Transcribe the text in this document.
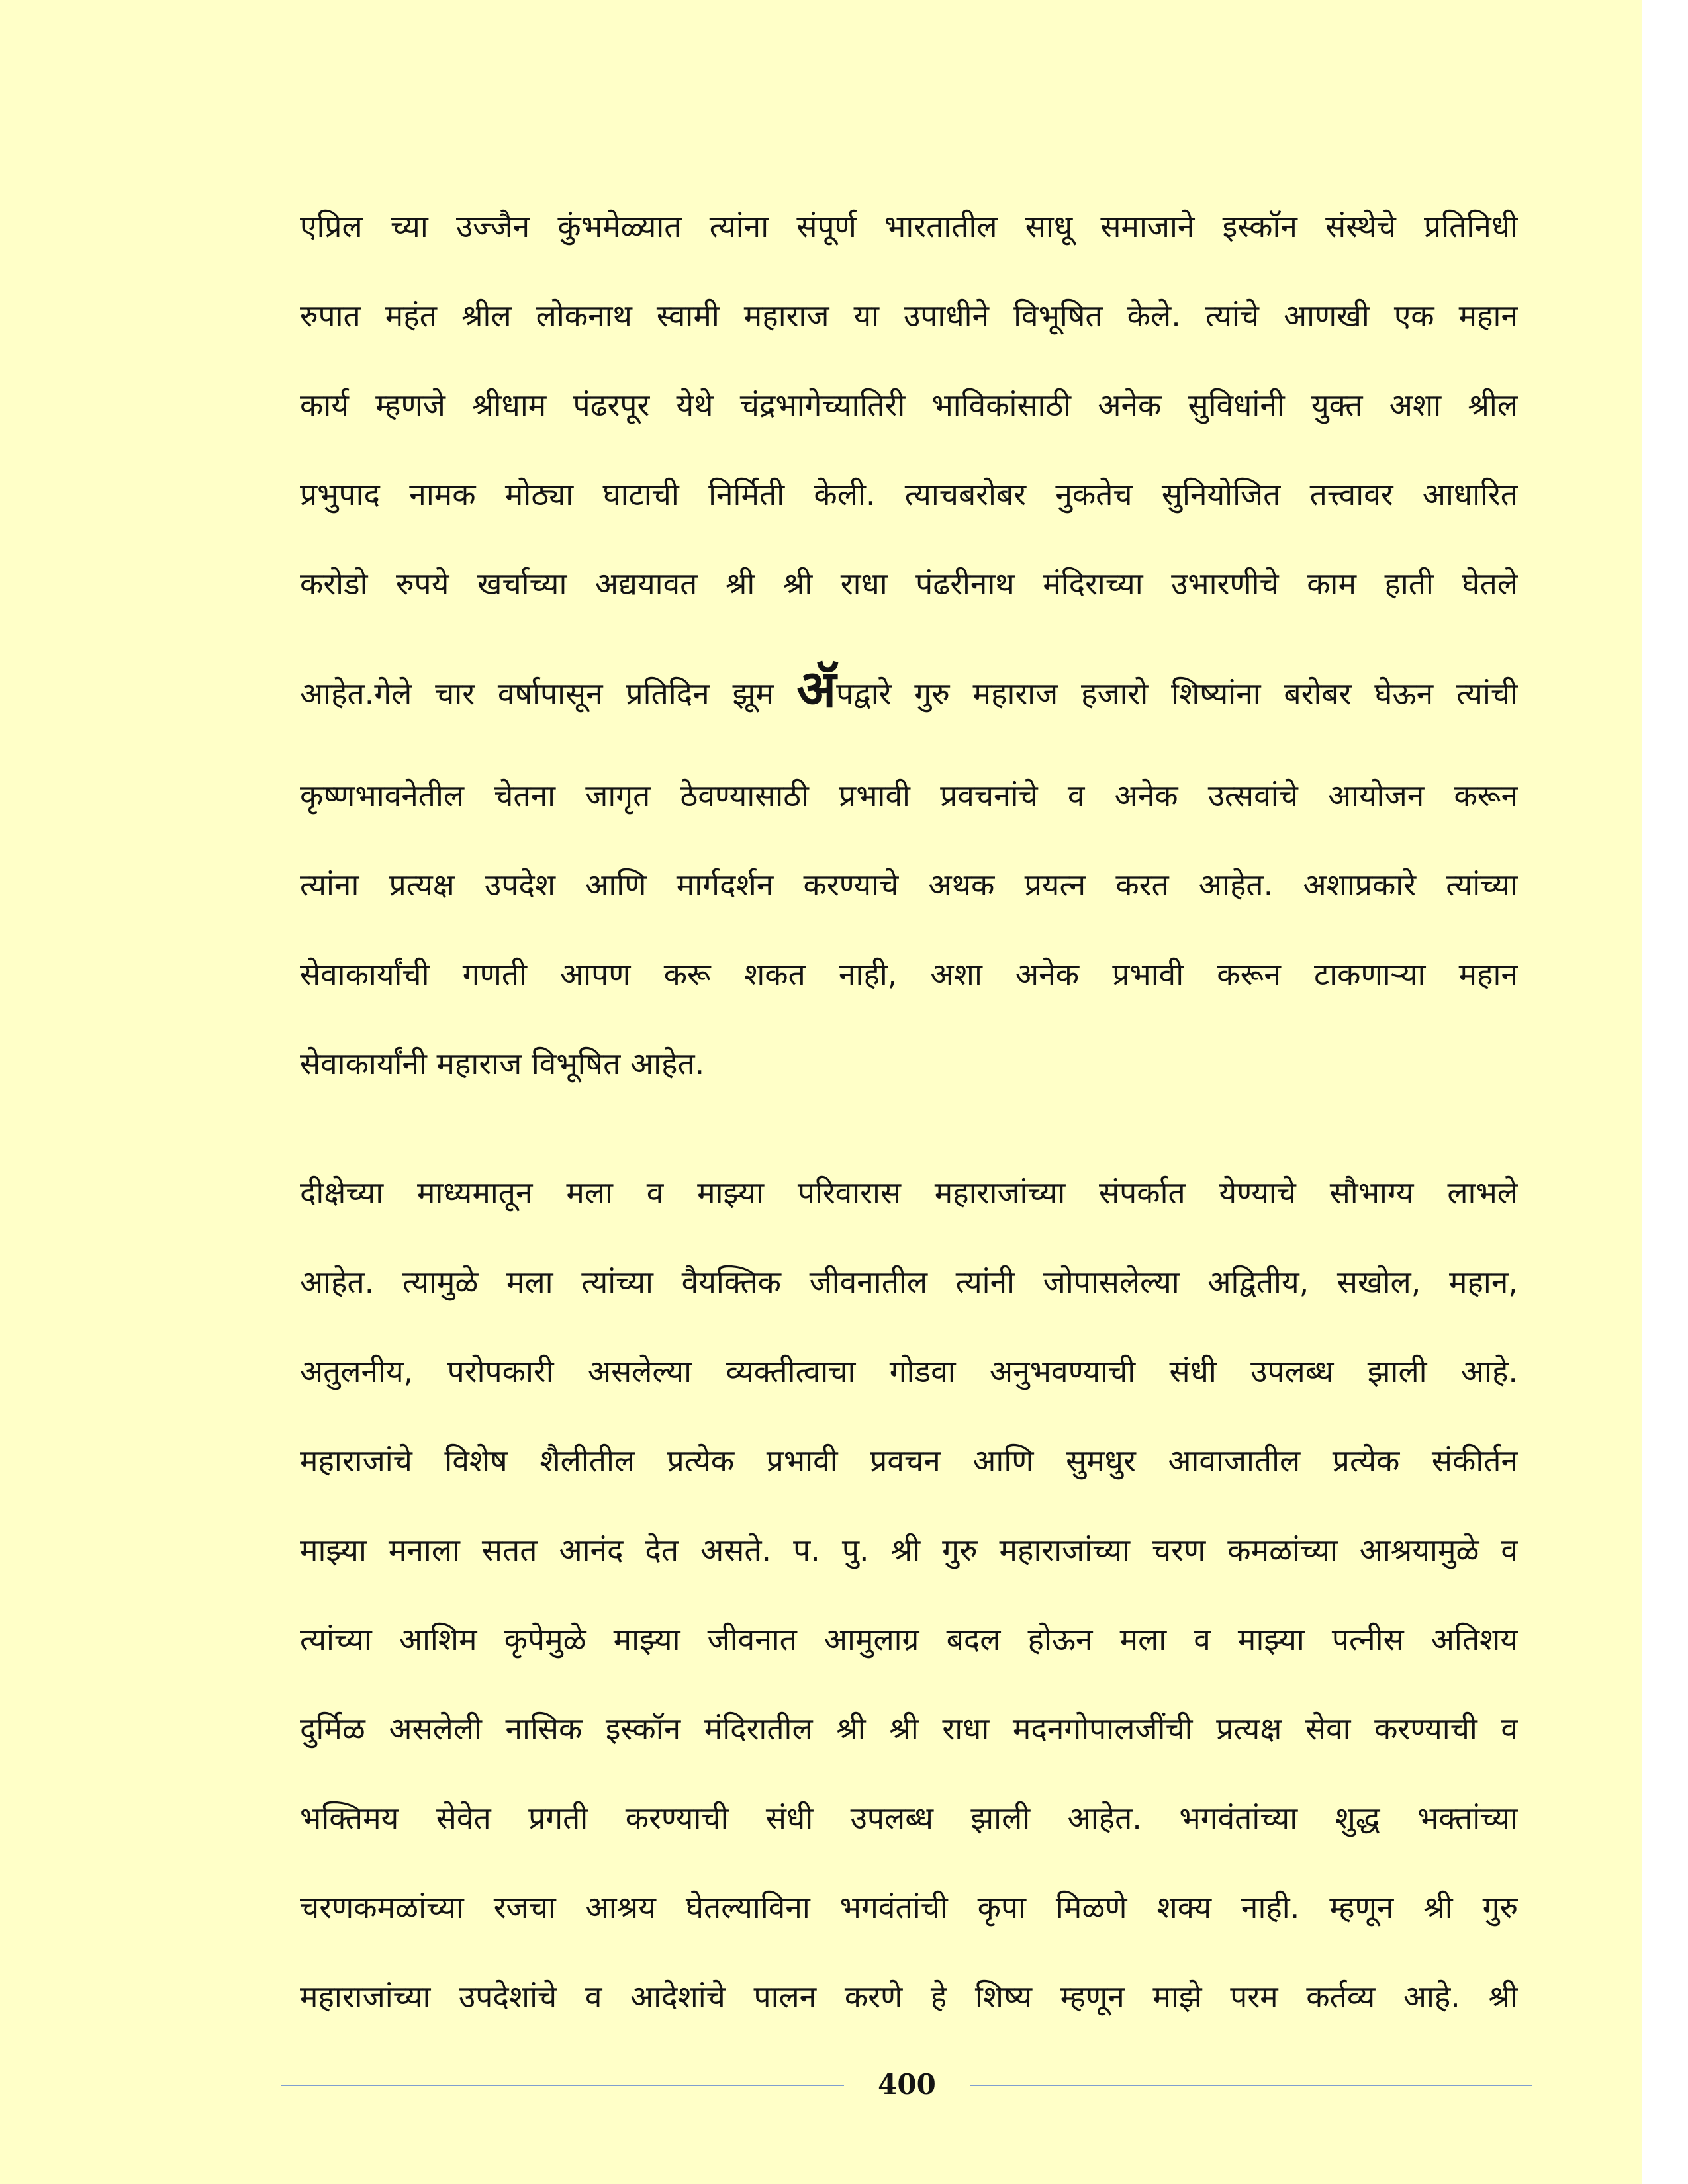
एप्रिल च्या उज्जैन कुंभमेळ्यात त्यांना संपूर्ण भारतातील साधू समाजाने इस्कॉन संस्थेचे प्रतिनिधी
रुपात महंत श्रील लोकनाथ स्वामी महाराज या उपाधीने विभूषित केले. त्यांचे आणखी एक महान
कार्य म्हणजे श्रीधाम पंढरपूर येथे चंद्रभागेच्यातिरी भाविकांसाठी अनेक सुविधांनी युक्त अशा श्रील
प्रभुपाद नामक मोठ्या घाटाची निर्मिती केली. त्याचबरोबर नुकतेच सुनियोजित तत्त्वावर आधारित
करोडो रुपये खर्चाच्या अद्ययावत श्री श्री राधा पंढरीनाथ मंदिराच्या उभारणीचे काम हाती घेतले
आहेत.गेले चार वर्षापासून प्रतिदिन झूम ॲपद्वारे गुरु महाराज हजारो शिष्यांना बरोबर घेऊन त्यांची
कृष्णभावनेतील चेतना जागृत ठेवण्यासाठी प्रभावी प्रवचनांचे व अनेक उत्सवांचे आयोजन करून
त्यांना प्रत्यक्ष उपदेश आणि मार्गदर्शन करण्याचे अथक प्रयत्न करत आहेत. अशाप्रकारे त्यांच्या
सेवाकार्यांची गणती आपण करू शकत नाही, अशा अनेक प्रभावी करून टाकणाऱ्या महान
सेवाकार्यांनी महाराज विभूषित आहेत.
दीक्षेच्या माध्यमातून मला व माझ्या परिवारास महाराजांच्या संपर्कात येण्याचे सौभाग्य लाभले
आहेत. त्यामुळे मला त्यांच्या वैयक्तिक जीवनातील त्यांनी जोपासलेल्या अद्वितीय, सखोल, महान,
अतुलनीय, परोपकारी असलेल्या व्यक्तीत्वाचा गोडवा अनुभवण्याची संधी उपलब्ध झाली आहे.
महाराजांचे विशेष शैलीतील प्रत्येक प्रभावी प्रवचन आणि सुमधुर आवाजातील प्रत्येक संकीर्तन
माझ्या मनाला सतत आनंद देत असते. प. पु. श्री गुरु महाराजांच्या चरण कमळांच्या आश्रयामुळे व
त्यांच्या आशिम कृपेमुळे माझ्या जीवनात आमुलाग्र बदल होऊन मला व माझ्या पत्नीस अतिशय
दुर्मिळ असलेली नासिक इस्कॉन मंदिरातील श्री श्री राधा मदनगोपालजींची प्रत्यक्ष सेवा करण्याची व
भक्तिमय सेवेत प्रगती करण्याची संधी उपलब्ध झाली आहेत. भगवंतांच्या शुद्ध भक्तांच्या
चरणकमळांच्या रजचा आश्रय घेतल्याविना भगवंतांची कृपा मिळणे शक्य नाही. म्हणून श्री गुरु
महाराजांच्या उपदेशांचे व आदेशांचे पालन करणे हे शिष्य म्हणून माझे परम कर्तव्य आहे. श्री
400
